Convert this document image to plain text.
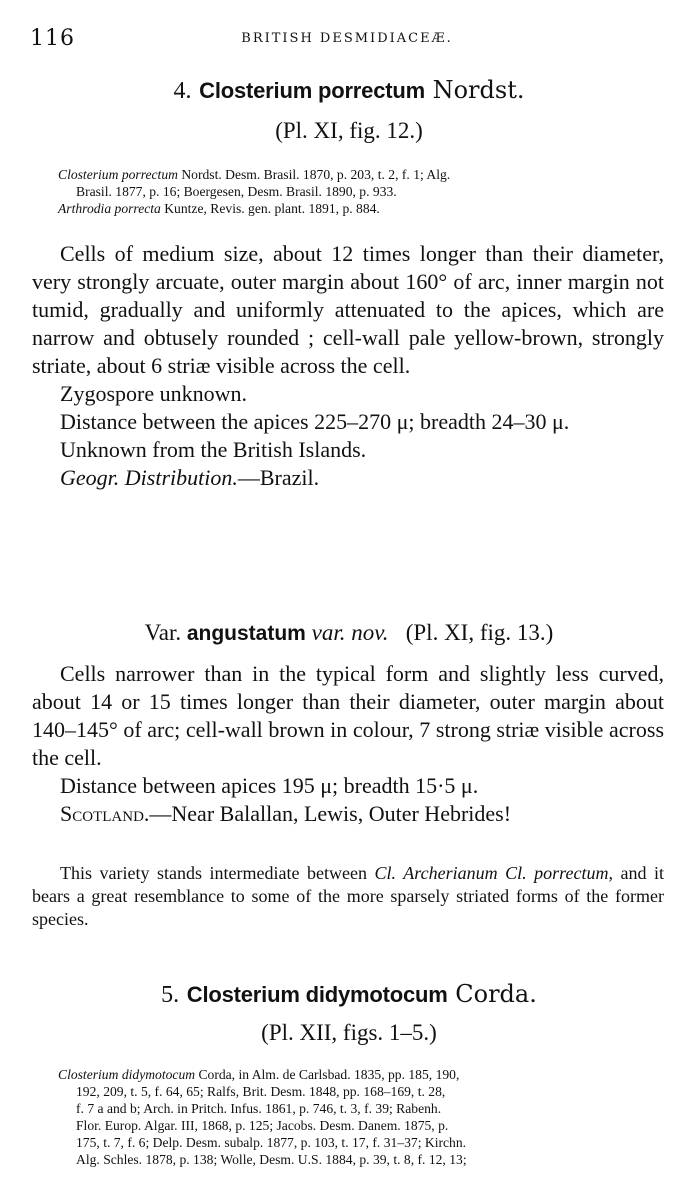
116	BRITISH DESMIDIACEÆ.
4. Closterium porrectum Nordst.
(Pl. XI, fig. 12.)

Closterium porrectum Nordst. Desm. Brasil. 1870, p. 203, t. 2, f. 1; Alg.

Brasil. 1877, p. 16; Boergesen, Desm. Brasil. 1890, p. 933.

Arthrodia porrecta Kuntze, Revis. gen. plant. 1891, p. 884.

Cells of medium size, about 12 times longer than their diameter, very strongly arcuate, outer margin about 160° of arc, inner margin not tumid, gradually and uniformly attenuated to the apices, which are narrow and obtusely rounded ; cell-wall pale yellow-brown, strongly striate, about 6 striæ visible across the cell.

Zygospore unknown.

Distance between the apices 225–270 μ; breadth 24–30 μ.

Unknown from the British Islands.

Geogr. Distribution.—Brazil.

Var. angustatum var. nov. (Pl. XI, fig. 13.)

Cells narrower than in the typical form and slightly less curved, about 14 or 15 times longer than their diameter, outer margin about 140–145° of arc; cell-wall brown in colour, 7 strong striæ visible across the cell.

Distance between apices 195 μ; breadth 15·5 μ.

Scotland.—Near Balallan, Lewis, Outer Hebrides!

This variety stands intermediate between Cl. Archerianum Cl. porrectum, and it bears a great resemblance to some of the more sparsely striated forms of the former species.

5. Closterium didymotocum Corda.
(Pl. XII, figs. 1–5.)

Closterium didymotocum Corda, in Alm. de Carlsbad. 1835, pp. 185, 190,

192, 209, t. 5, f. 64, 65; Ralfs, Brit. Desm. 1848, pp. 168–169, t. 28,

f. 7 a and b; Arch. in Pritch. Infus. 1861, p. 746, t. 3, f. 39; Rabenh.

Flor. Europ. Algar. III, 1868, p. 125; Jacobs. Desm. Danem. 1875, p.

175, t. 7, f. 6; Delp. Desm. subalp. 1877, p. 103, t. 17, f. 31–37; Kirchn.

Alg. Schles. 1878, p. 138; Wolle, Desm. U.S. 1884, p. 39, t. 8, f. 12, 13;
